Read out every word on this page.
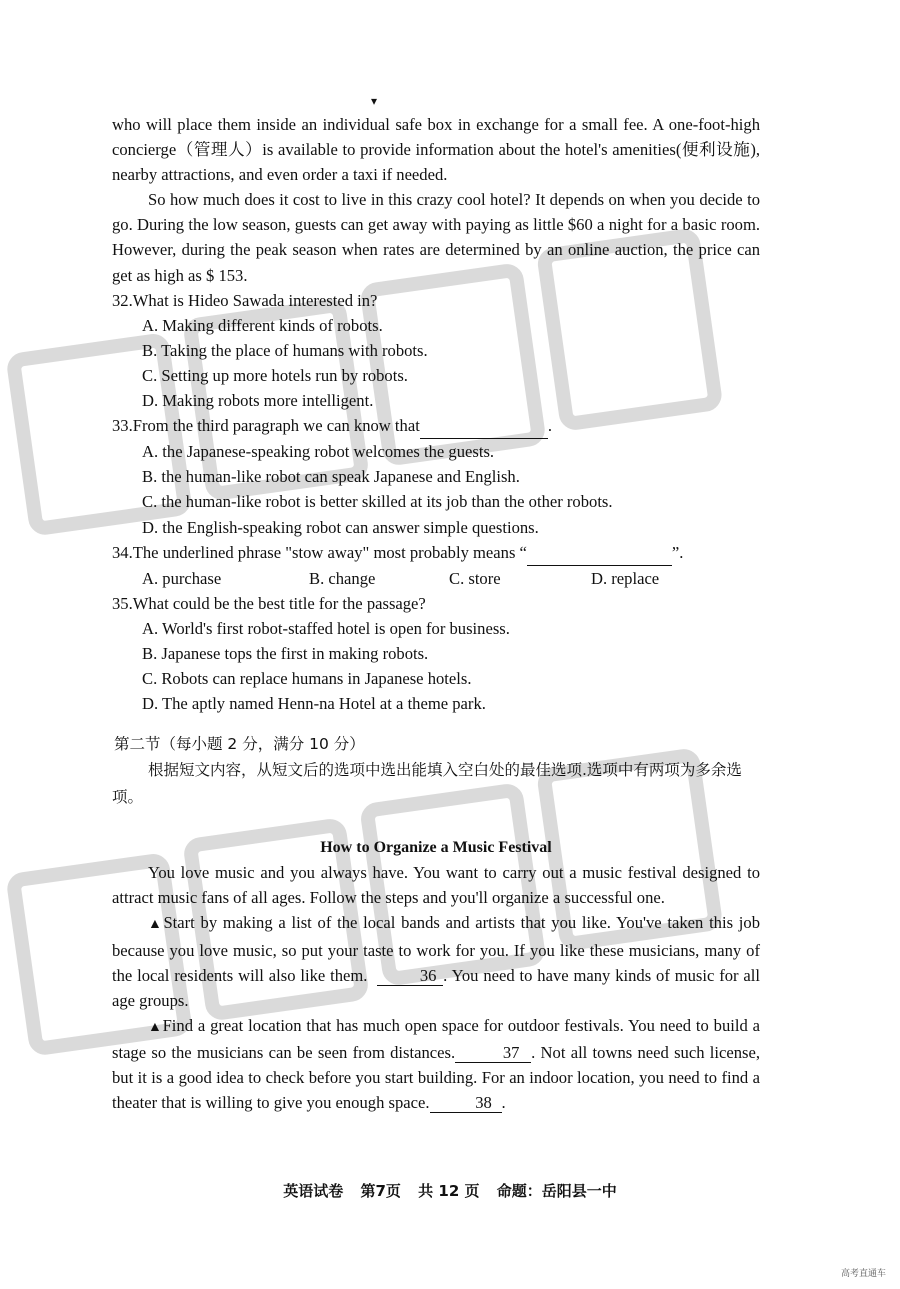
▾

who will place them inside an individual safe box in exchange for a small fee. A one-foot-high concierge（管理人）is available to provide information about the hotel's amenities(便利设施), nearby attractions, and even order a taxi if needed.

So how much does it cost to live in this crazy cool hotel? It depends on when you decide to go. During the low season, guests can get away with paying as little $60 a night for a basic room. However, during the peak season when rates are determined by an online auction, the price can get as high as $ 153.

32.What is Hideo Sawada interested in?

A. Making different kinds of robots.

B. Taking the place of humans with robots.

C. Setting up more hotels run by robots.

D. Making robots more intelligent.

33.From the third paragraph we can know that	.

A. the Japanese-speaking robot welcomes the guests.

B. the human-like robot can speak Japanese and English.

C. the human-like robot is better skilled at its job than the other robots.

D. the English-speaking robot can answer simple questions.

34.The underlined phrase "stow away" most probably means “	”.

A. purchase	B. change	C. store	D. replace

35.What could be the best title for the passage?

A. World's first robot-staffed hotel is open for business.

B. Japanese tops the first in making robots.

C. Robots can replace humans in Japanese hotels.

D. The aptly named Henn-na Hotel at a theme park.

第二节（每小题 2 分，满分 10 分）

根据短文内容，从短文后的选项中选出能填入空白处的最佳选项.选项中有两项为多余选项。

How to Organize a Music Festival

You love music and you always have. You want to carry out a music festival designed to attract music fans of all ages. Follow the steps and you'll organize a successful one.

▲Start by making a list of the local bands and artists that you like. You've taken this job because you love music, so put your taste to work for you. If you like these musicians, many of the local residents will also like them.	36 . You need to have many kinds of music for all age groups.

▲Find a great location that has much open space for outdoor festivals. You need to build a stage so the musicians can be seen from distances.	37 . Not all towns need such license, but it is a good idea to check before you start building. For an indoor location, you need to find a theater that is willing to give you enough space.	38 .

英语试卷 第7页 共 12 页 命题：岳阳县一中
高考直通车
